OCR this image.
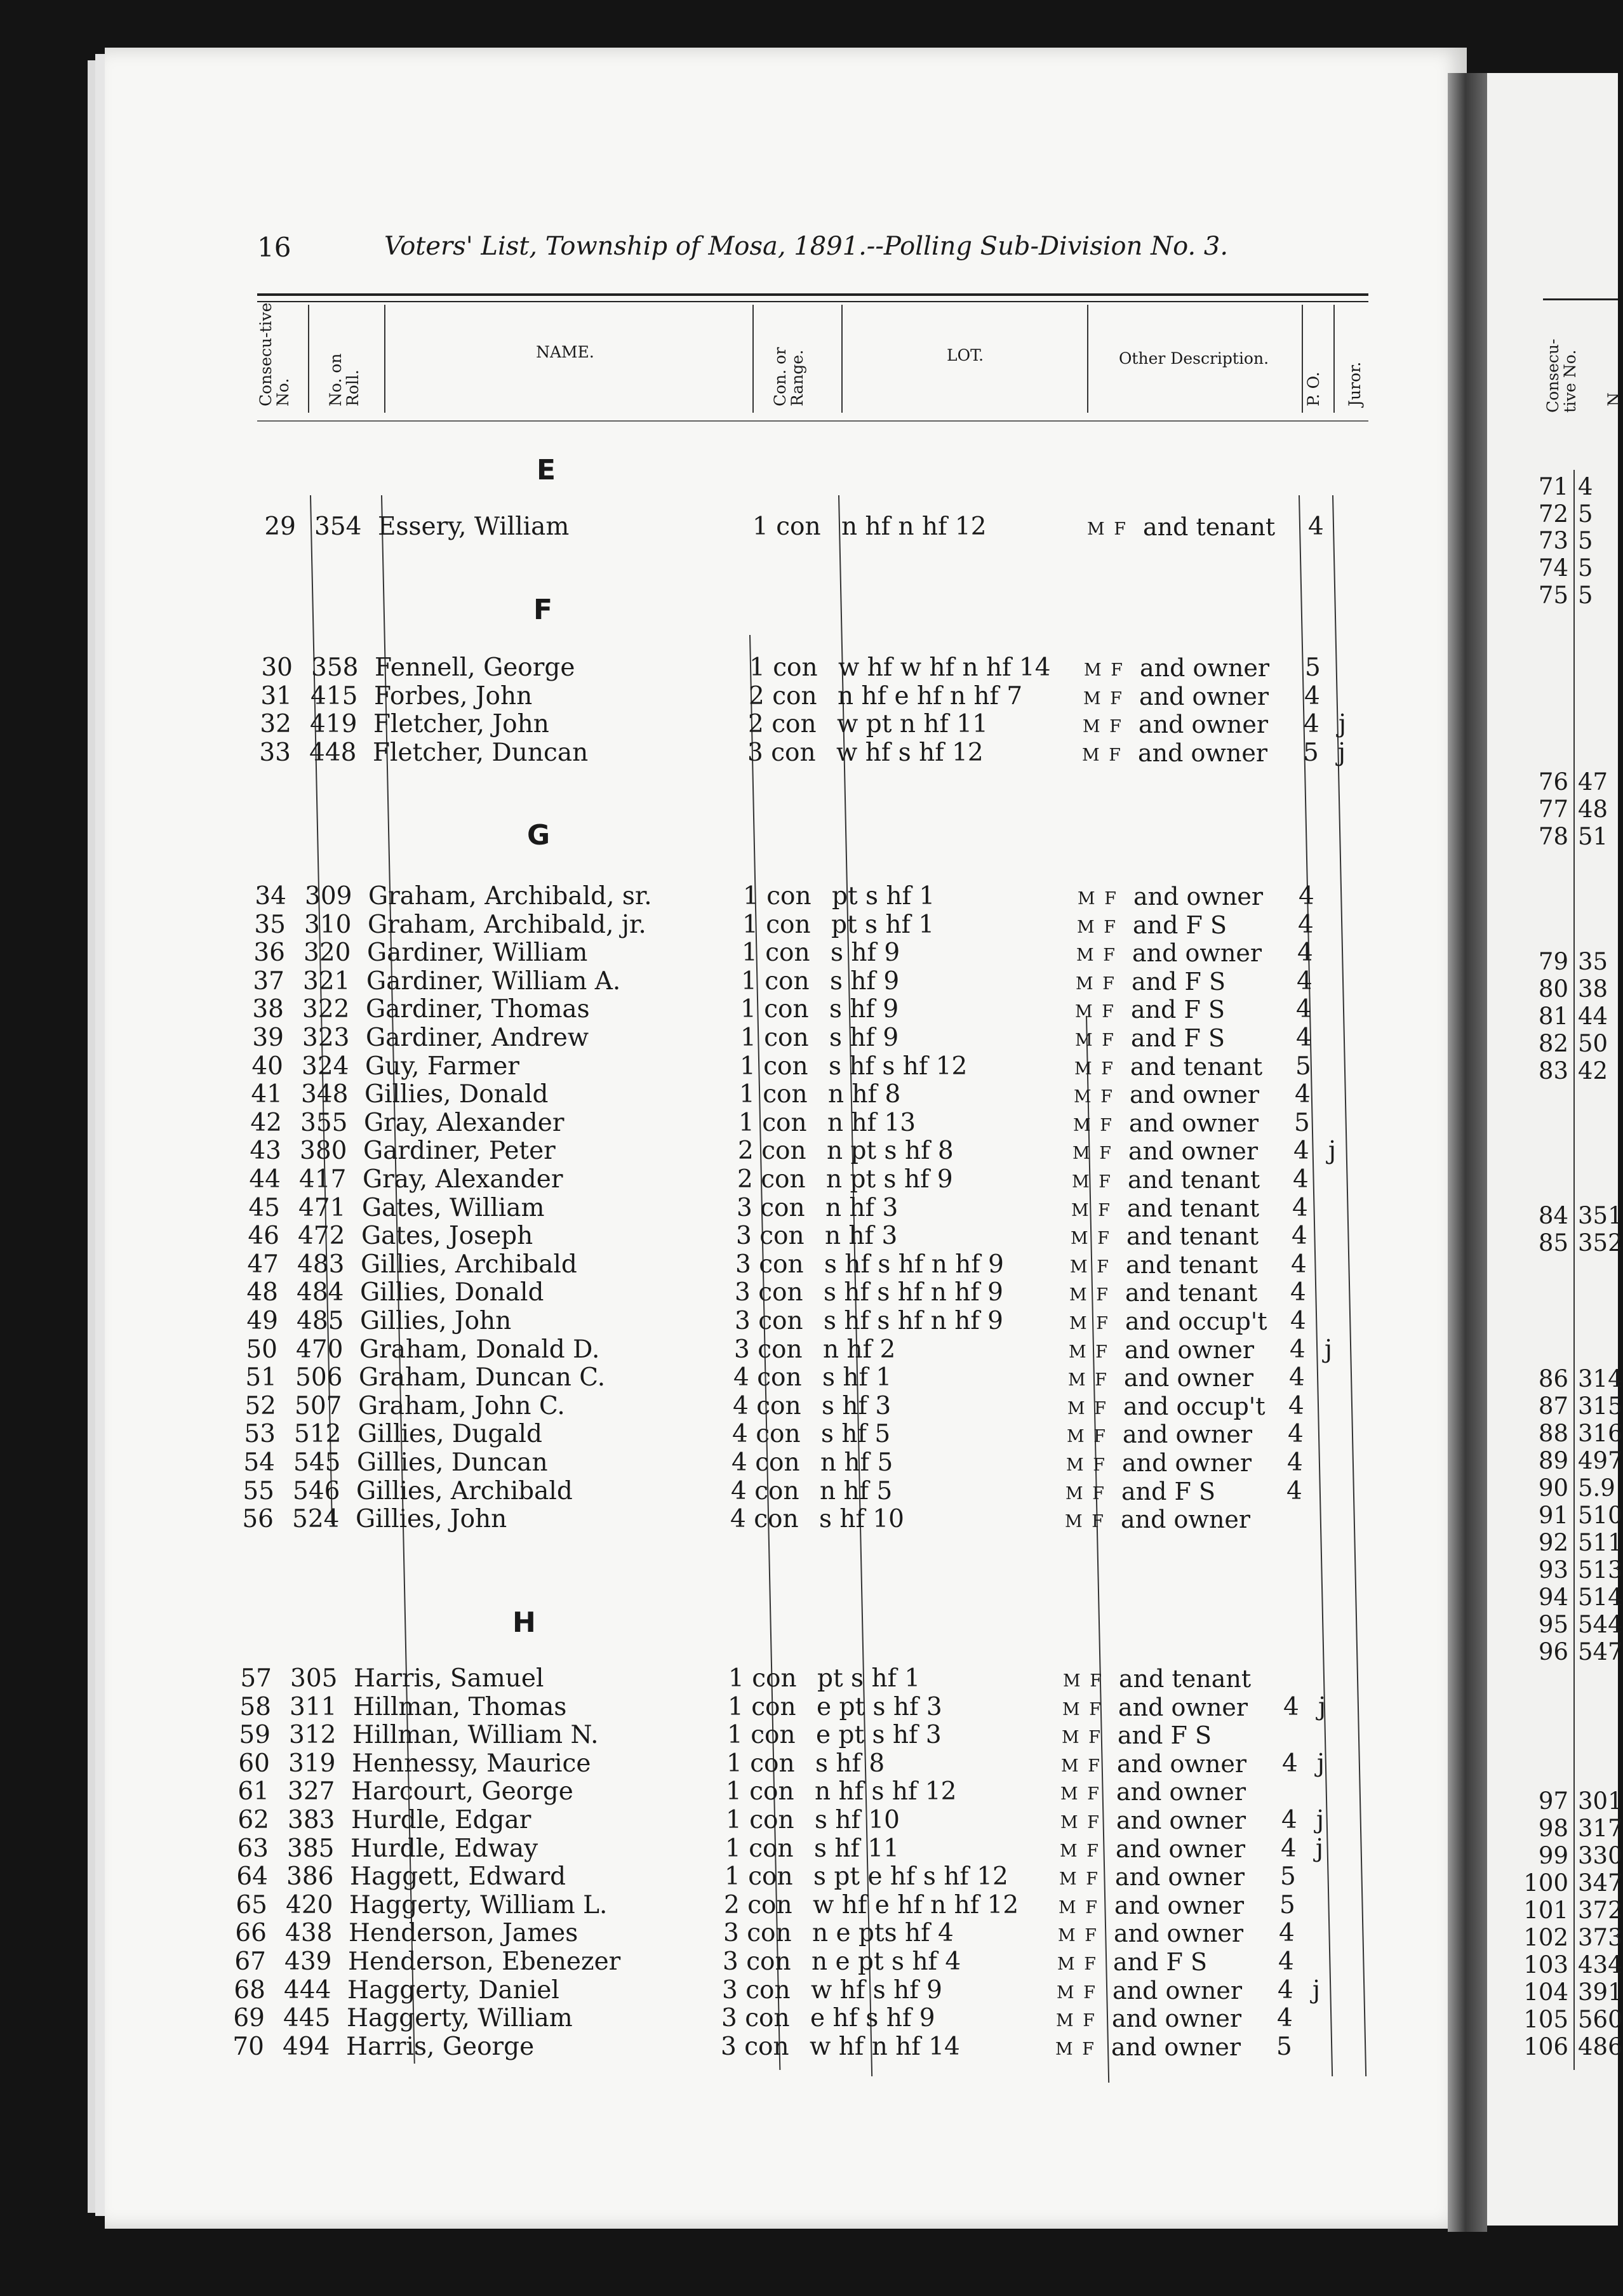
16	Voters' List, Township of Mosa, 1891.--Polling Sub-Division No. 3.
Consecu-tive No. No. on Roll.
NAME.	Con. or Range.	LOT.	Other Description.
P. O. Juror.
E
29 354 Essery, William	1 con n hf n hf 12	M F and tenant 4
F
30 358 Fennell, George	1 con w hf w hf n hf 14 M F and owner 5
31 415 Forbes, John	2 con n hf e hf n hf 7	M F and owner 4
32 419 Fletcher, John	2 con w pt n hf 11	M F and owner 4 j
33 448 Fletcher, Duncan	3 con w hf s hf 12	M F and owner 5 j
G
34 309 Graham, Archibald, sr.	1 con pt s hf 1	M F and owner 4
35 310 Graham, Archibald, jr.	1 con pt s hf 1	M F and F S	4
36 320 Gardiner, William	1 con s hf 9	M F and owner 4
37 321 Gardiner, William A.	1 con s hf 9	M F and F S	4
38 322 Gardiner, Thomas	1 con s hf 9	M F and F S	4
39 323 Gardiner, Andrew	1 con s hf 9	M F and F S	4
40 324 Guy, Farmer	1 con s hf s hf 12	M F and tenant 5
41 348 Gillies, Donald	1 con n hf 8	M F and owner 4
42 355 Gray, Alexander	1 con n hf 13	M F and owner 5
43 380 Gardiner, Peter	2 con n pt s hf 8	M F and owner 4 j
44 417 Gray, Alexander	2 con n pt s hf 9	M F and tenant 4
45 471 Gates, William	3 con n hf 3	M F and tenant 4
46 472 Gates, Joseph	3 con n hf 3	M F and tenant 4
47 483 Gillies, Archibald	3 con s hf s hf n hf 9	M F and tenant 4
48 484 Gillies, Donald	3 con s hf s hf n hf 9	M F and tenant 4
49 485 Gillies, John	3 con s hf s hf n hf 9	M F and occup't 4
50 470 Graham, Donald D.	3 con n hf 2	M F and owner 4 j
51 506 Graham, Duncan C.	4 con s hf 1	M F and owner 4
52 507 Graham, John C.	4 con s hf 3	M F and occup't 4
53 512 Gillies, Dugald	4 con s hf 5	M F and owner 4
54 545 Gillies, Duncan	4 con n hf 5	M F and owner 4
55 546 Gillies, Archibald	4 con n hf 5	M F and F S	4
56 524 Gillies, John	4 con s hf 10	M F and owner
H
57 305 Harris, Samuel	1 con pt s hf 1	M F and tenant
58 311 Hillman, Thomas	1 con e pt s hf 3	M F and owner 4 j
59 312 Hillman, William N.	1 con e pt s hf 3	M F and F S
60 319 Hennessy, Maurice	1 con s hf 8	M F and owner 4 j
61 327 Harcourt, George	1 con n hf s hf 12	M F and owner
62 383 Hurdle, Edgar	1 con s hf 10	M F and owner 4 j
63 385 Hurdle, Edway	1 con s hf 11	M F and owner 4 j
64 386 Haggett, Edward	1 con s pt e hf s hf 12	M F and owner 5
65 420 Haggerty, William L.	2 con w hf e hf n hf 12 M F and owner 5
66 438 Henderson, James	3 con n e pts hf 4	M F and owner 4
67 439 Henderson, Ebenezer	3 con n e pt s hf 4	M F and F S	4
68 444 Haggerty, Daniel	3 con w hf s hf 9	M F and owner 4 j
69 445 Haggerty, William	3 con e hf s hf 9	M F and owner 4
70 494 Harris, George	3 con w hf n hf 14	M F and owner 5
Consecu-tive No. N
71 4
72 5
73 5
74 5
75 5
76 47
77 48
78 51
79 35
80 38
81 44
82 50
83 42
84 351
85 352
86 314
87 315
88 316
89 497
90 5.9
91 510
92 511
93 513
94 514
95 544
96 547
97 301
98 317
99 330
100 347
101 372
102 373
103 434
104 391
105 560
106 486
